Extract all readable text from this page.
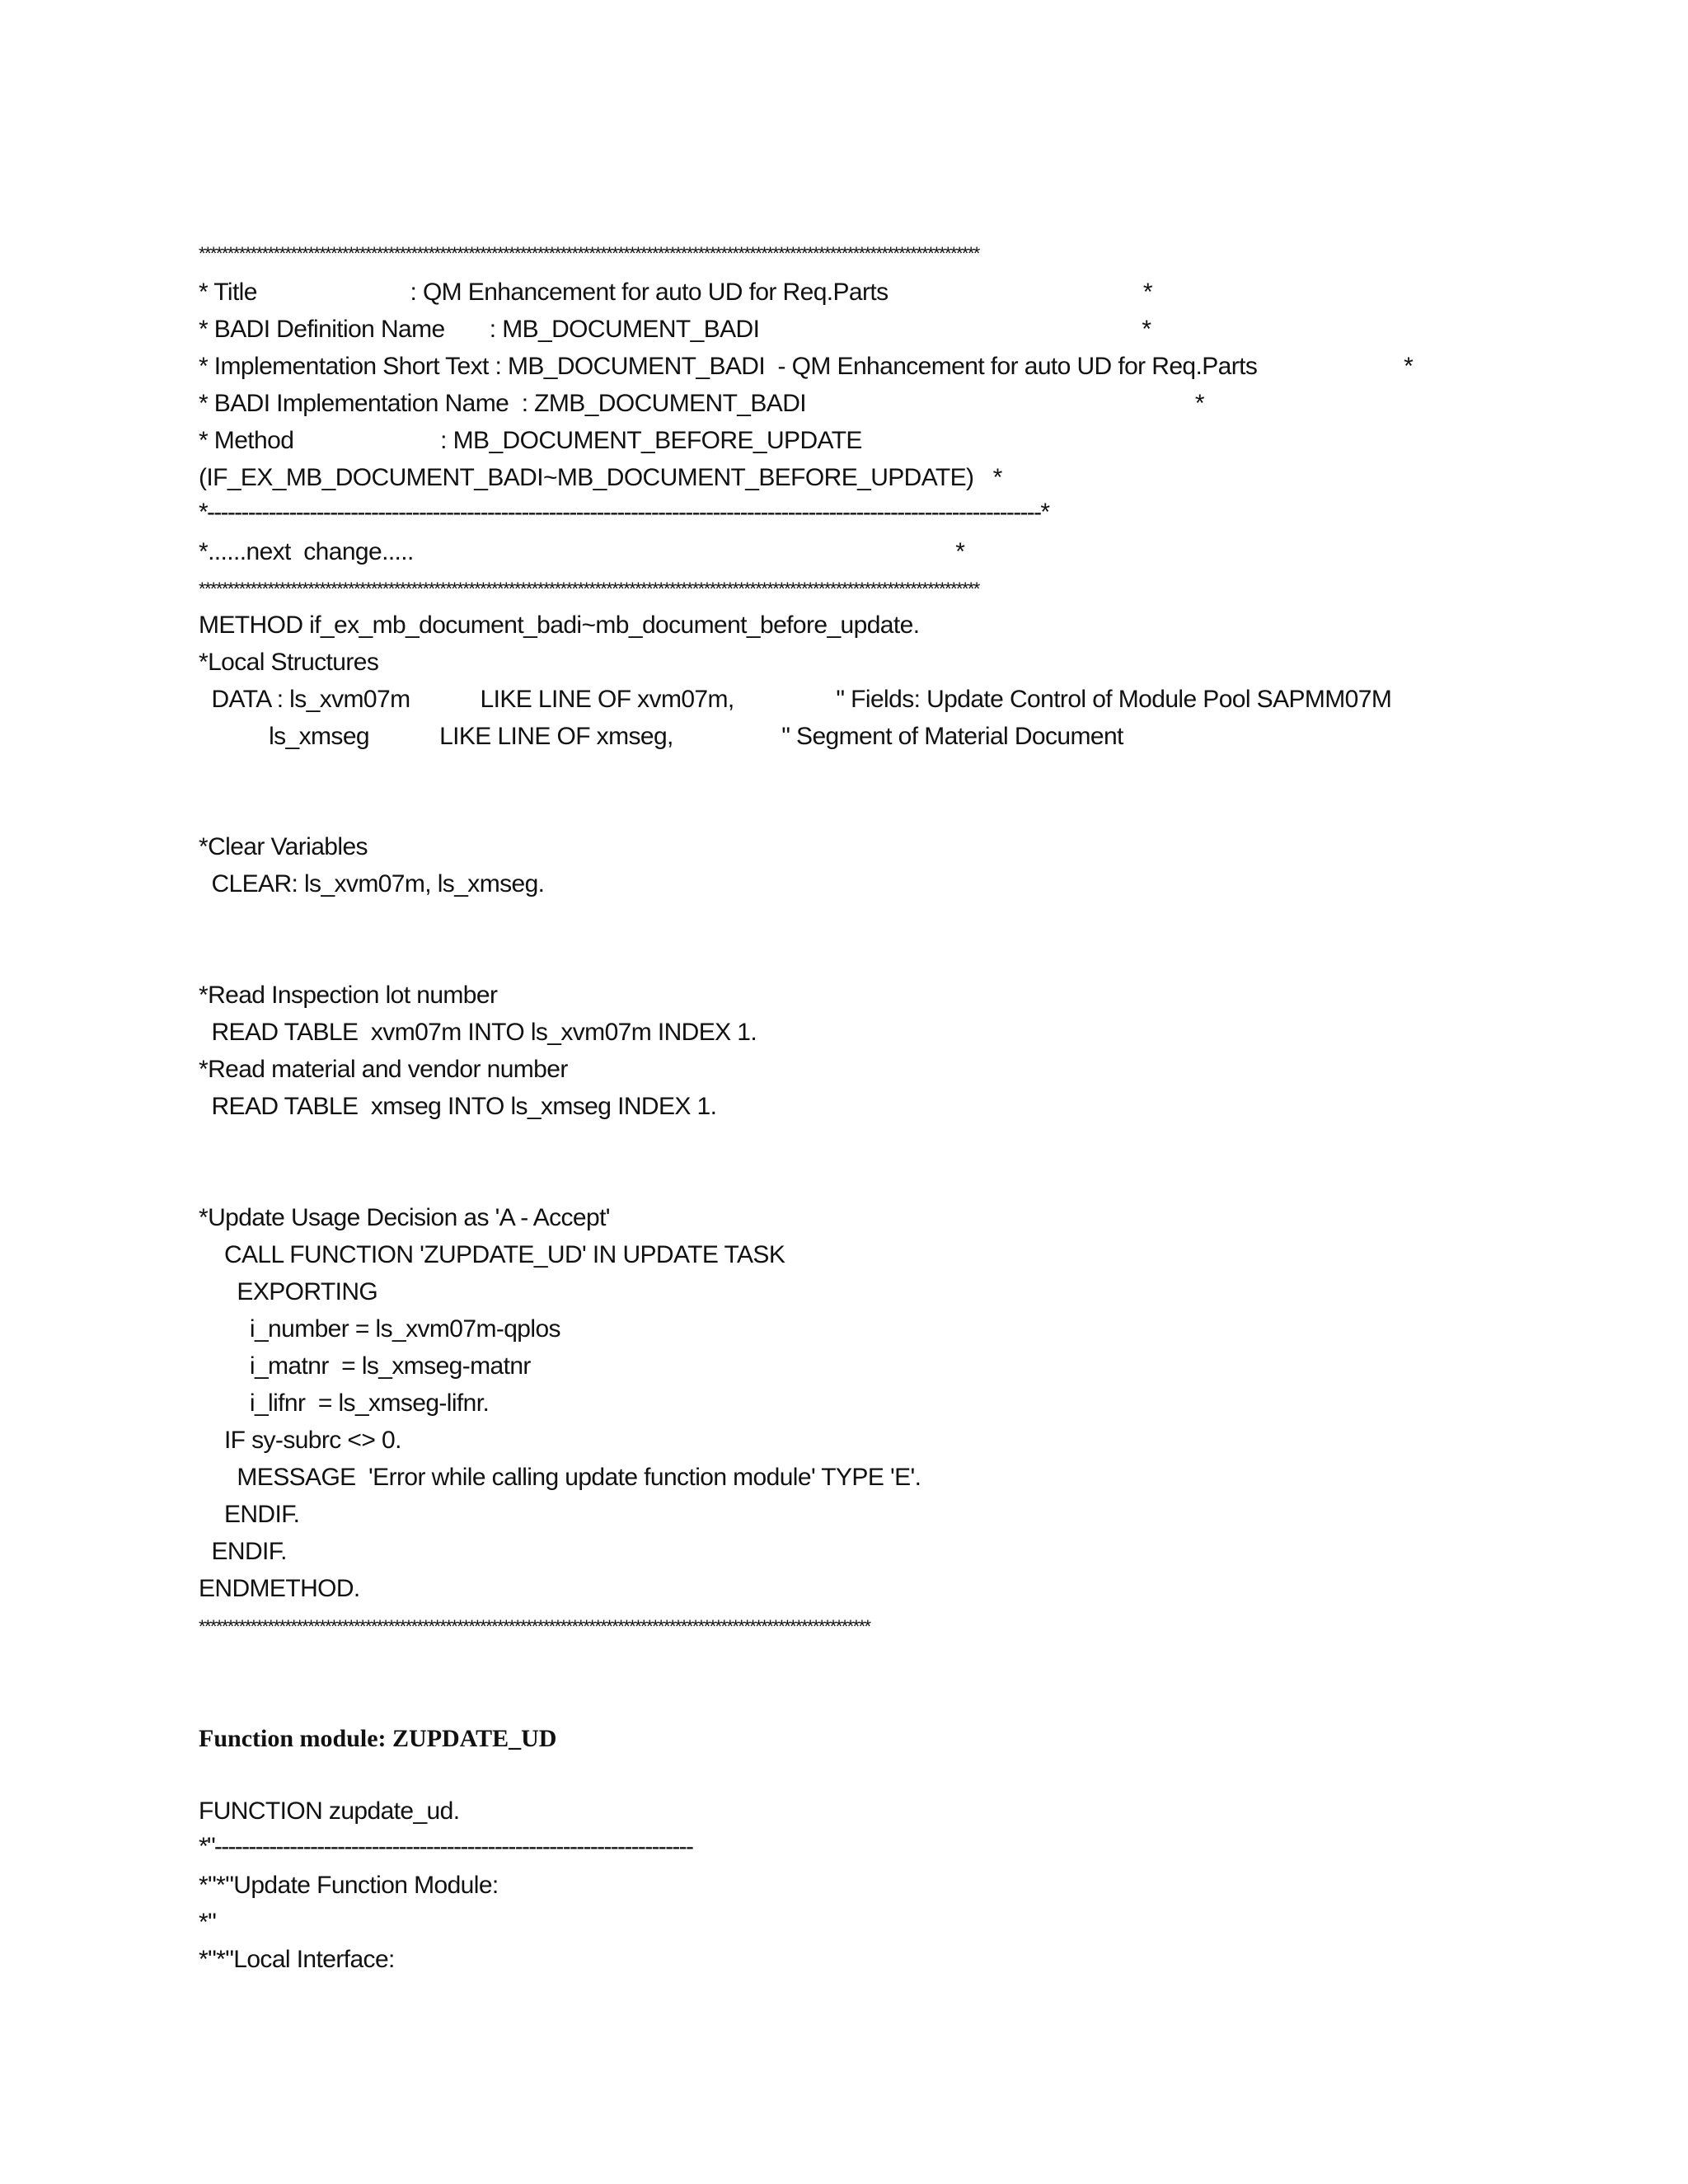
****************************************************************************************************************************************
* Title                        : QM Enhancement for auto UD for Req.Parts                                        *
* BADI Definition Name       : MB_DOCUMENT_BADI                                                            *
* Implementation Short Text : MB_DOCUMENT_BADI  - QM Enhancement for auto UD for Req.Parts                       *
* BADI Implementation Name  : ZMB_DOCUMENT_BADI                                                             *
* Method                       : MB_DOCUMENT_BEFORE_UPDATE
(IF_EX_MB_DOCUMENT_BADI~MB_DOCUMENT_BEFORE_UPDATE)   *
*--------------------------------------------------------------------------------------------------------------------------*
*......next  change.....                                                                                     *
****************************************************************************************************************************************
METHOD if_ex_mb_document_badi~mb_document_before_update.
*Local Structures
DATA : ls_xvm07m           LIKE LINE OF xvm07m,                " Fields: Update Control of Module Pool SAPMM07M
ls_xmseg           LIKE LINE OF xmseg,                 " Segment of Material Document
*Clear Variables
CLEAR: ls_xvm07m, ls_xmseg.
*Read Inspection lot number
READ TABLE  xvm07m INTO ls_xvm07m INDEX 1.
*Read material and vendor number
READ TABLE  xmseg INTO ls_xmseg INDEX 1.
*Update Usage Decision as 'A - Accept'
CALL FUNCTION 'ZUPDATE_UD' IN UPDATE TASK
EXPORTING
i_number = ls_xvm07m-qplos
i_matnr  = ls_xmseg-matnr
i_lifnr  = ls_xmseg-lifnr.
IF sy-subrc <> 0.
MESSAGE  'Error while calling update function module' TYPE 'E'.
ENDIF.
ENDIF.
ENDMETHOD.
*********************************************************************************************************************
Function module: ZUPDATE_UD
FUNCTION zupdate_ud.
*"----------------------------------------------------------------------
*"*"Update Function Module:
*"
*"*"Local Interface:
